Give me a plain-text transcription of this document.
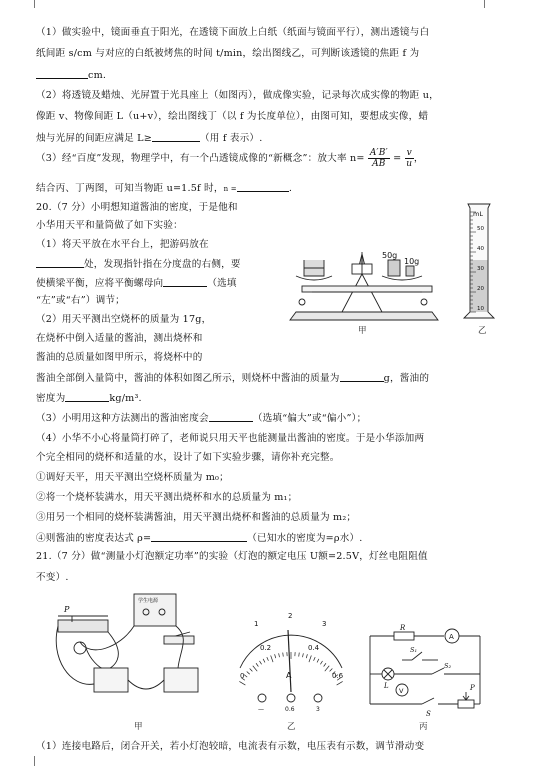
（1）做实验中，镜面垂直于阳光，在透镜下面放上白纸（纸面与镜面平行），测出透镜与白
纸间距 s/cm 与对应的白纸被烤焦的时间 t/min，绘出图线乙，可判断该透镜的焦距 f 为
cm.
（2）将透镜及蜡烛、光屏置于光具座上（如图丙），做成像实验，记录每次成实像的物距 u，
像距 v、物像间距 L（u+v），绘出图线丁（以 f 为长度单位），由图可知，要想成实像，蜡
烛与光屏的间距应满足 L≥	（用 f 表示）.
（3）经“百度”发现，物理学中，有一个凸透镜成像的“新概念”：放大率 $n= \frac{A'B'}{AB} = \frac{v}{u}$ ，
结合丙、丁两图，可知当物距 u=1.5f 时，n =	.
20.（7 分）小明想知道酱油的密度，于是他和
小华用天平和量筒做了如下实验：
（1）将天平放在水平台上，把游码放在
处，发现指针指在分度盘的右侧，要
使横梁平衡，应将平衡螺母向	（选填
“左”或“右”）调节；
（2）用天平测出空烧杯的质量为 17g，
在烧杯中倒入适量的酱油，测出烧杯和
酱油的总质量如图甲所示，将烧杯中的
酱油全部倒入量筒中，酱油的体积如图乙所示，则烧杯中酱油的质量为	g，酱油的
密度为	kg/m³.
（3）小明用这种方法测出的酱油密度会	（选填“偏大”或“偏小”）；
（4）小华不小心将量筒打碎了，老师说只用天平也能测量出酱油的密度。于是小华添加两
个完全相同的烧杯和适量的水，设计了如下实验步骤，请你补充完整。
①调好天平，用天平测出空烧杯质量为 m₀；
②将一个烧杯装满水，用天平测出烧杯和水的总质量为 m₁；
③用另一个相同的烧杯装满酱油，用天平测出烧杯和酱油的总质量为 m₂；
④则酱油的密度表达式 ρ=	（已知水的密度为=ρ水）.
50g
10g
甲
mL
50
40
30
20
10
乙
21.（7 分）做“测量小灯泡额定功率”的实验（灯泡的额定电压 U额=2.5V，灯丝电阻阻值
不变）.
P
学生电源
甲
0
0.2	0.4
0.6
1
2
3
A
—	0.6	3
乙
R
A
S₁
S₂
L
V
S
P
丙
（1）连接电路后，闭合开关，若小灯泡较暗，电流表有示数，电压表有示数，调节滑动变
